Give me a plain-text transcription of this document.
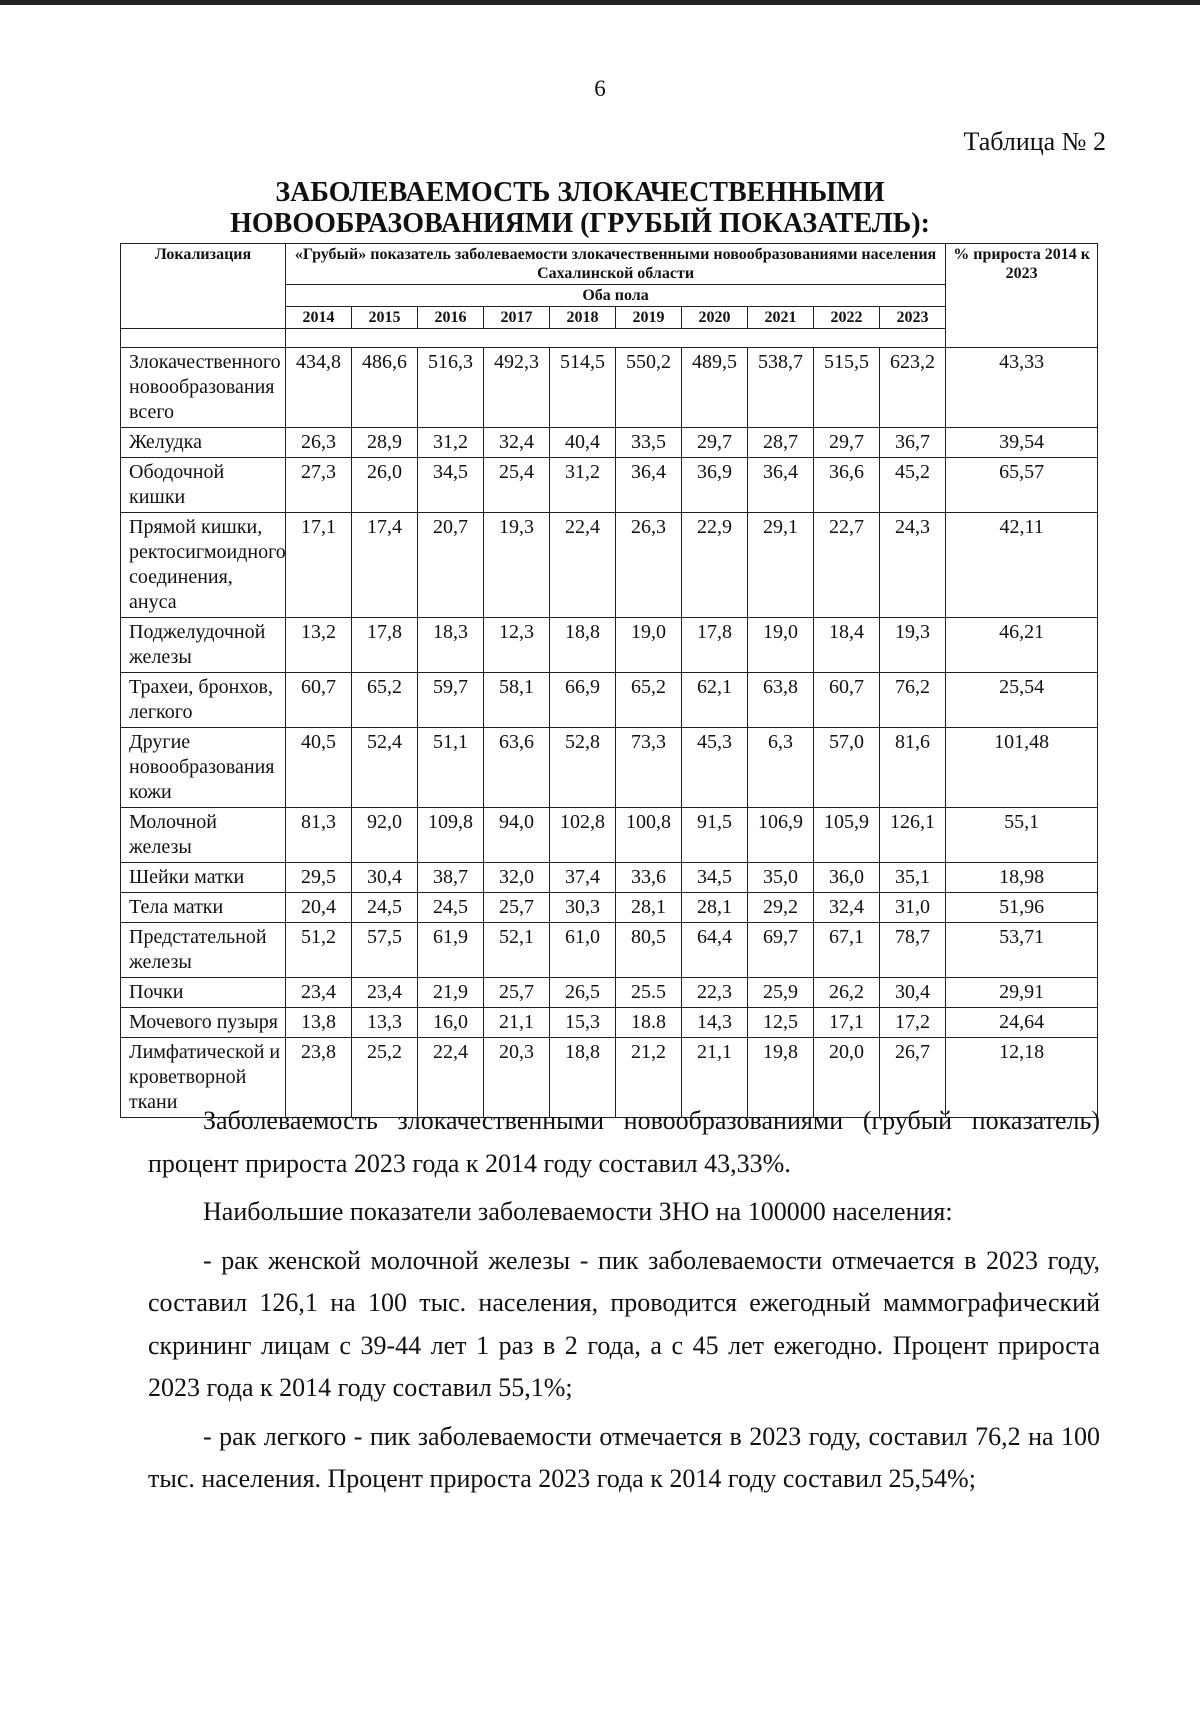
6
Таблица № 2
ЗАБОЛЕВАЕМОСТЬ ЗЛОКАЧЕСТВЕННЫМИ
НОВООБРАЗОВАНИЯМИ (ГРУБЫЙ ПОКАЗАТЕЛЬ):
Локализация	«Грубый» показатель заболеваемости злокачественными новообразованиями населения Сахалинской области										% прироста 2014 к 2023
	Оба пола										
	2014	2015	2016	2017	2018	2019	2020	2021	2022	2023	

Злокачественного новообразования всего	434,8	486,6	516,3	492,3	514,5	550,2	489,5	538,7	515,5	623,2	43,33
Желудка	26,3	28,9	31,2	32,4	40,4	33,5	29,7	28,7	29,7	36,7	39,54
Ободочной кишки	27,3	26,0	34,5	25,4	31,2	36,4	36,9	36,4	36,6	45,2	65,57
Прямой кишки, ректосигмоидного соединения, ануса	17,1	17,4	20,7	19,3	22,4	26,3	22,9	29,1	22,7	24,3	42,11
Поджелудочной железы	13,2	17,8	18,3	12,3	18,8	19,0	17,8	19,0	18,4	19,3	46,21
Трахеи, бронхов, легкого	60,7	65,2	59,7	58,1	66,9	65,2	62,1	63,8	60,7	76,2	25,54
Другие новообразования кожи	40,5	52,4	51,1	63,6	52,8	73,3	45,3	6,3	57,0	81,6	101,48
Молочной железы	81,3	92,0	109,8	94,0	102,8	100,8	91,5	106,9	105,9	126,1	55,1
Шейки матки	29,5	30,4	38,7	32,0	37,4	33,6	34,5	35,0	36,0	35,1	18,98
Тела матки	20,4	24,5	24,5	25,7	30,3	28,1	28,1	29,2	32,4	31,0	51,96
Предстательной железы	51,2	57,5	61,9	52,1	61,0	80,5	64,4	69,7	67,1	78,7	53,71
Почки	23,4	23,4	21,9	25,7	26,5	25.5	22,3	25,9	26,2	30,4	29,91
Мочевого пузыря	13,8	13,3	16,0	21,1	15,3	18.8	14,3	12,5	17,1	17,2	24,64
Лимфатической и кроветворной ткани	23,8	25,2	22,4	20,3	18,8	21,2	21,1	19,8	20,0	26,7	12,18

Заболеваемость злокачественными новообразованиями (грубый показатель) процент прироста 2023 года к 2014 году составил 43,33%.

Наибольшие показатели заболеваемости ЗНО на 100000 населения:

- рак женской молочной железы - пик заболеваемости отмечается в 2023 году, составил 126,1 на 100 тыс. населения, проводится ежегодный маммографический скрининг лицам с 39-44 лет 1 раз в 2 года, а с 45 лет ежегодно. Процент прироста 2023 года к 2014 году составил 55,1%;

- рак легкого - пик заболеваемости отмечается в 2023 году, составил 76,2 на 100 тыс. населения. Процент прироста 2023 года к 2014 году составил 25,54%;
